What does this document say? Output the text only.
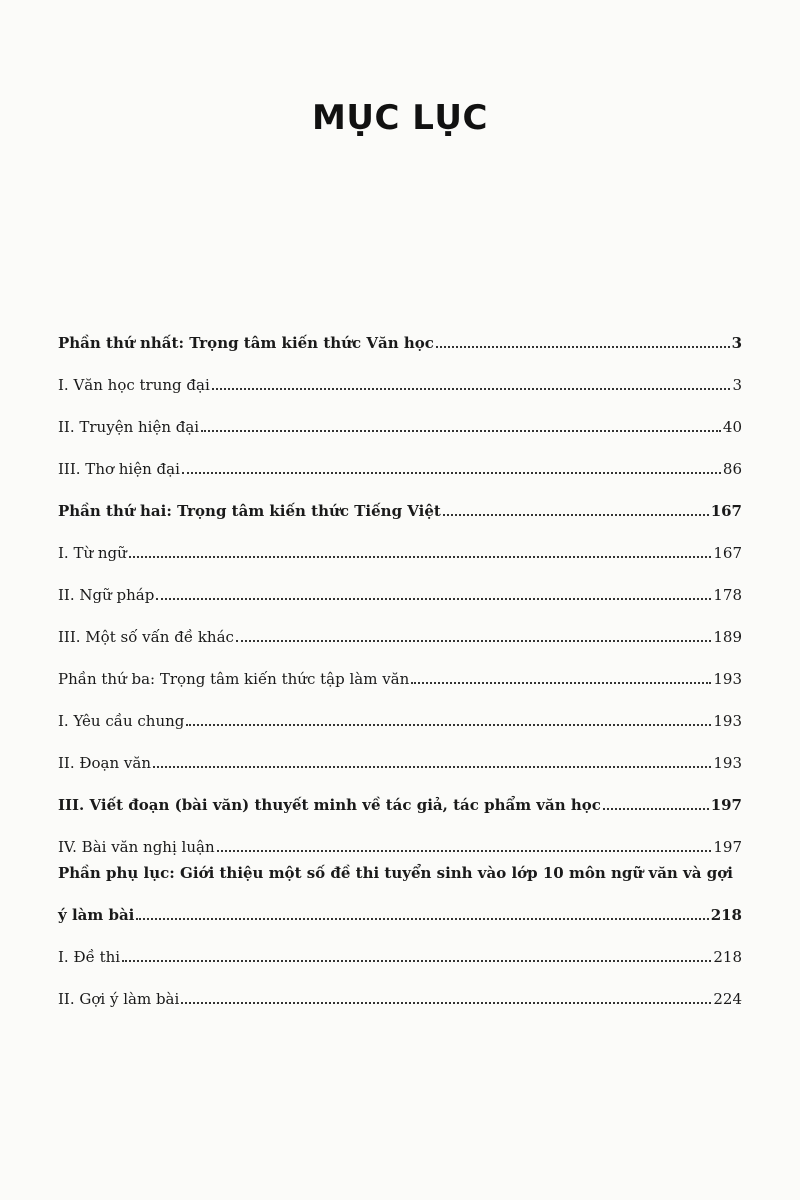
MỤC LỤC
Phần thứ nhất: Trọng tâm kiến thức Văn học	3
I. Văn học trung đại	3
II. Truyện hiện đại	40
III. Thơ hiện đại	86
Phần thứ hai: Trọng tâm kiến thức Tiếng Việt	167
I. Từ ngữ	167
II. Ngữ pháp	178
III. Một số vấn đề khác	189
Phần thứ ba: Trọng tâm kiến thức tập làm văn	193
I. Yêu cầu chung	193
II. Đoạn văn	193
III. Viết đoạn (bài văn) thuyết minh về tác giả, tác phẩm văn học	197
IV. Bài văn nghị luận	197
Phần phụ lục: Giới thiệu một số đề thi tuyển sinh vào lớp 10 môn ngữ văn và gợi
ý làm bài	218
I. Đề thi	218
II. Gợi ý làm bài	224
